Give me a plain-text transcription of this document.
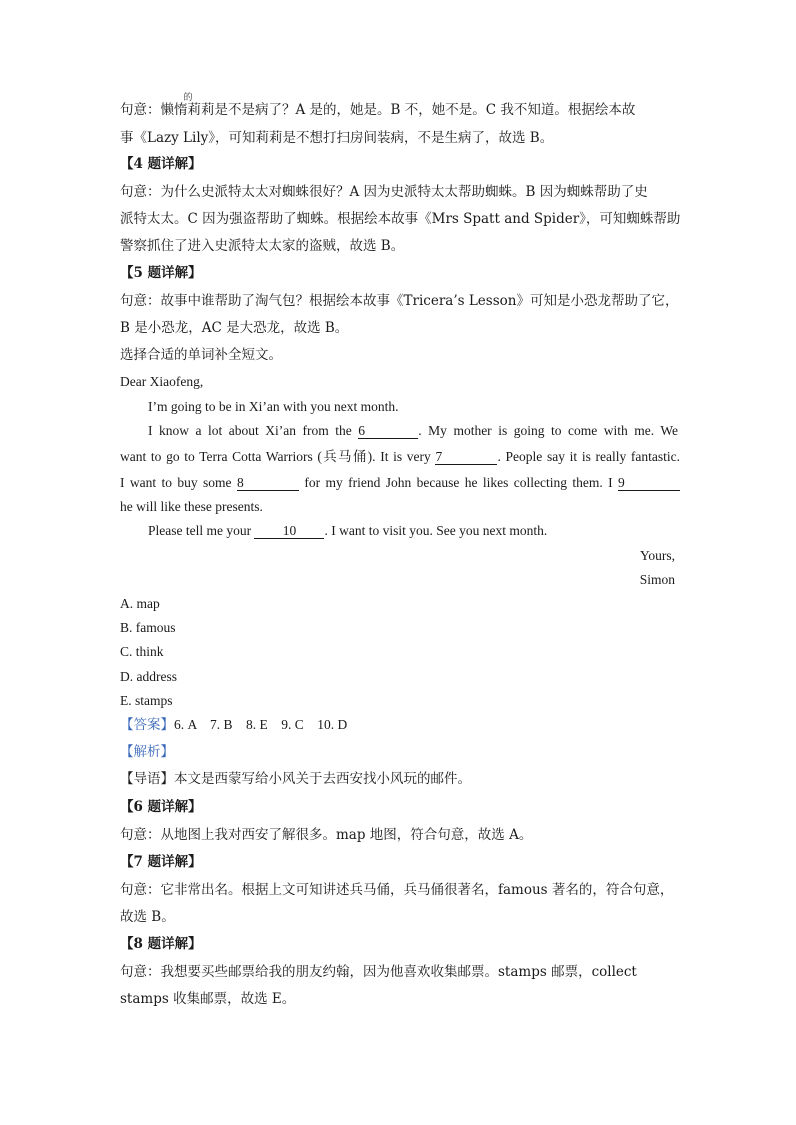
句意：懒惰
的
莉莉是不是病了？A 是的，她是。B 不，她不是。C 我不知道。根据绘本故
事《Lazy Lily》，可知莉莉是不想打扫房间装病，不是生病了，故选 B。
【4 题详解】
句意：为什么史派特太太对蜘蛛很好？A 因为史派特太太帮助蜘蛛。B 因为蜘蛛帮助了史
派特太太。C 因为强盗帮助了蜘蛛。根据绘本故事《Mrs Spatt and Spider》，可知蜘蛛帮助
警察抓住了进入史派特太太家的盗贼，故选 B。
【5 题详解】
句意：故事中谁帮助了淘气包？根据绘本故事《Tricera’s Lesson》可知是小恐龙帮助了它，
B 是小恐龙，AC 是大恐龙，故选 B。
选择合适的单词补全短文。
Dear Xiaofeng,
I’m going to be in Xi’an with you next month.
I know a lot about Xi’an from the 6	. My mother is going to come with me. We
want to go to Terra Cotta Warriors (兵马俑). It is very 7	. People say it is really fantastic.
I want to buy some 8	for my friend John because he likes collecting them. I 9
he will like these presents.
Please tell me your 10 . I want to visit you. See you next month.
Yours,
Simon
A. map
B. famous
C. think
D. address
E. stamps
【答案】6. A　7. B　8. E　9. C　10. D
【解析】
【导语】本文是西蒙写给小风关于去西安找小风玩的邮件。
【6 题详解】
句意：从地图上我对西安了解很多。map 地图，符合句意，故选 A。
【7 题详解】
句意：它非常出名。根据上文可知讲述兵马俑，兵马俑很著名，famous 著名的，符合句意，
故选 B。
【8 题详解】
句意：我想要买些邮票给我的朋友约翰，因为他喜欢收集邮票。stamps 邮票，collect
stamps 收集邮票，故选 E。
